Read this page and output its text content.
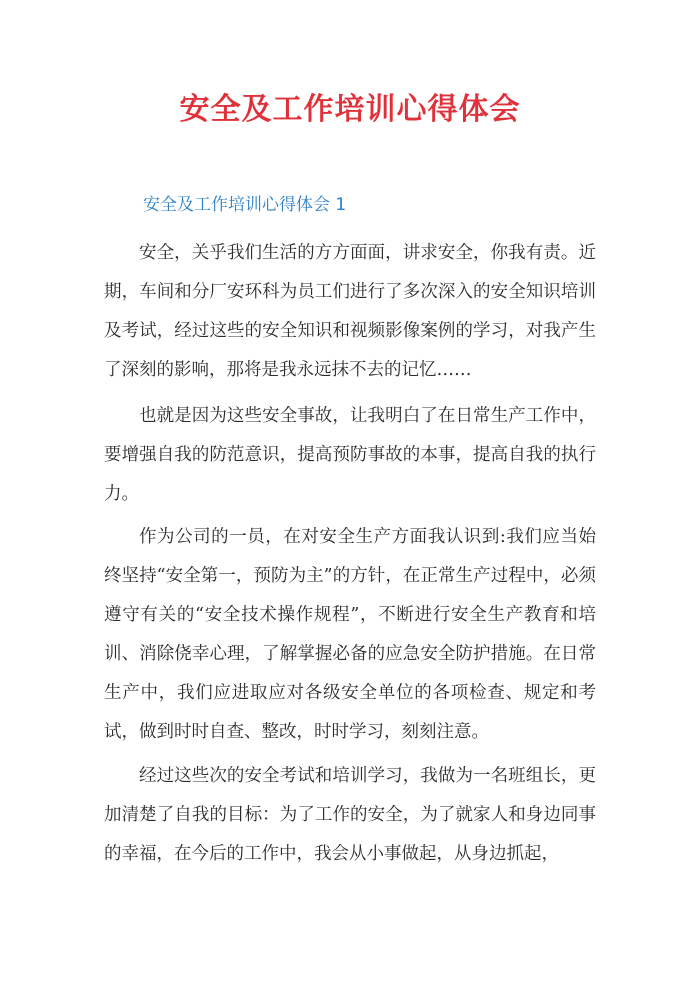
安全及工作培训心得体会
安全及工作培训心得体会 1

安全，关乎我们生活的方方面面，讲求安全，你我有责。近期，车间和分厂安环科为员工们进行了多次深入的安全知识培训及考试，经过这些的安全知识和视频影像案例的学习，对我产生了深刻的影响，那将是我永远抹不去的记忆……

也就是因为这些安全事故，让我明白了在日常生产工作中，要增强自我的防范意识，提高预防事故的本事，提高自我的执行力。

作为公司的一员，在对安全生产方面我认识到:我们应当始终坚持“安全第一，预防为主”的方针，在正常生产过程中，必须遵守有关的“安全技术操作规程”，不断进行安全生产教育和培训、消除侥幸心理，了解掌握必备的应急安全防护措施。在日常生产中，我们应进取应对各级安全单位的各项检查、规定和考试，做到时时自查、整改，时时学习，刻刻注意。

经过这些次的安全考试和培训学习，我做为一名班组长，更加清楚了自我的目标：为了工作的安全，为了就家人和身边同事的幸福，在今后的工作中，我会从小事做起，从身边抓起，
